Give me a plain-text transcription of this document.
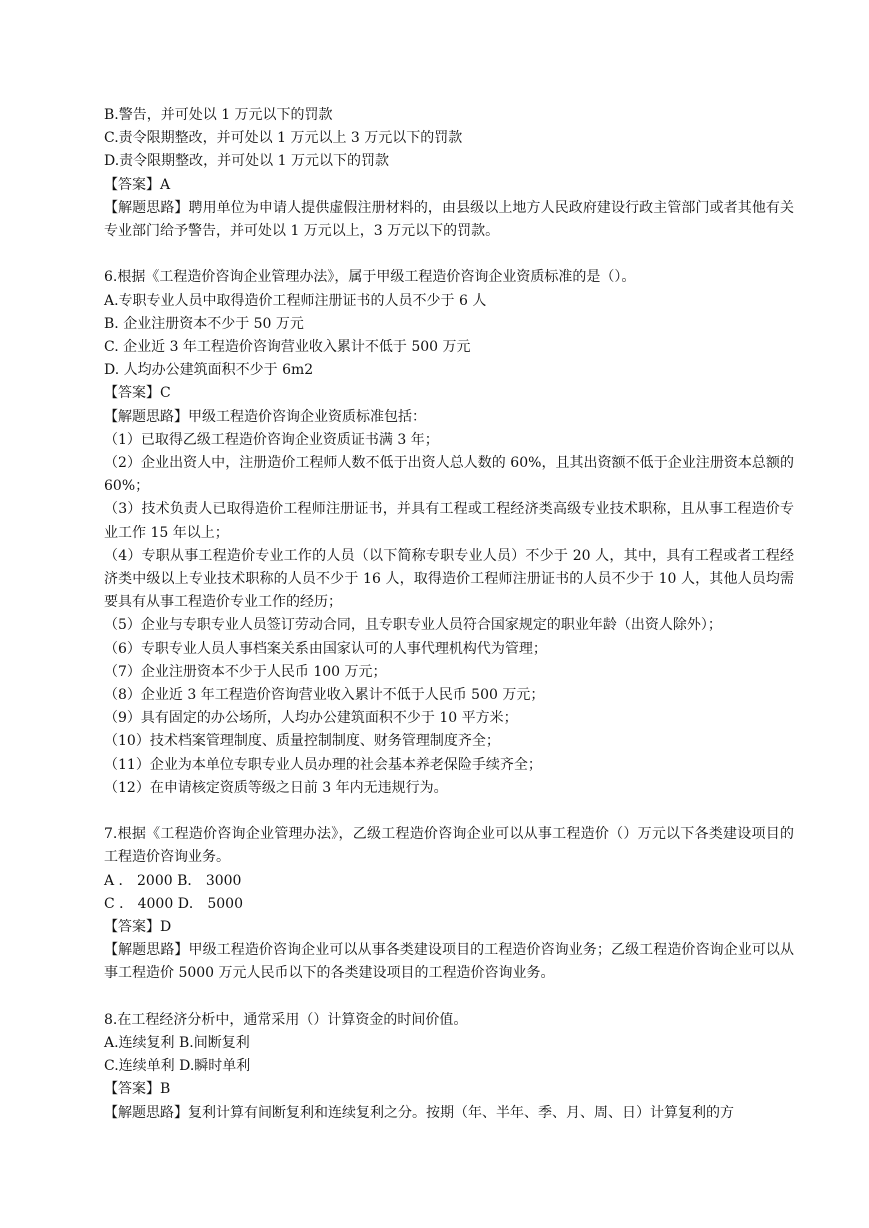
B.警告，并可处以 1 万元以下的罚款

C.责令限期整改，并可处以 1 万元以上 3 万元以下的罚款

D.责令限期整改，并可处以 1 万元以下的罚款

【答案】A

【解题思路】聘用单位为申请人提供虚假注册材料的，由县级以上地方人民政府建设行政主管部门或者其他有关专业部门给予警告，并可处以 1 万元以上，3 万元以下的罚款。

6.根据《工程造价咨询企业管理办法》，属于甲级工程造价咨询企业资质标准的是（）。

A.专职专业人员中取得造价工程师注册证书的人员不少于 6 人

B. 企业注册资本不少于 50 万元

C. 企业近 3 年工程造价咨询营业收入累计不低于 500 万元

D. 人均办公建筑面积不少于 6m2

【答案】C

【解题思路】甲级工程造价咨询企业资质标准包括：

（1）已取得乙级工程造价咨询企业资质证书满 3 年；

（2）企业出资人中，注册造价工程师人数不低于出资人总人数的 60%，且其出资额不低于企业注册资本总额的 60%；

（3）技术负责人已取得造价工程师注册证书，并具有工程或工程经济类高级专业技术职称，且从事工程造价专业工作 15 年以上；

（4）专职从事工程造价专业工作的人员（以下简称专职专业人员）不少于 20 人，其中，具有工程或者工程经济类中级以上专业技术职称的人员不少于 16 人，取得造价工程师注册证书的人员不少于 10 人，其他人员均需要具有从事工程造价专业工作的经历；

（5）企业与专职专业人员签订劳动合同，且专职专业人员符合国家规定的职业年龄（出资人除外）；

（6）专职专业人员人事档案关系由国家认可的人事代理机构代为管理；

（7）企业注册资本不少于人民币 100 万元；

（8）企业近 3 年工程造价咨询营业收入累计不低于人民币 500 万元；

（9）具有固定的办公场所，人均办公建筑面积不少于 10 平方米；

（10）技术档案管理制度、质量控制制度、财务管理制度齐全；

（11）企业为本单位专职专业人员办理的社会基本养老保险手续齐全；

（12）在申请核定资质等级之日前 3 年内无违规行为。

7.根据《工程造价咨询企业管理办法》，乙级工程造价咨询企业可以从事工程造价（）万元以下各类建设项目的工程造价咨询业务。

A ． 2000 B． 3000

C ． 4000 D． 5000

【答案】D

【解题思路】甲级工程造价咨询企业可以从事各类建设项目的工程造价咨询业务；乙级工程造价咨询企业可以从事工程造价 5000 万元人民币以下的各类建设项目的工程造价咨询业务。

8.在工程经济分析中，通常采用（）计算资金的时间价值。

A.连续复利 B.间断复利

C.连续单利 D.瞬时单利

【答案】B

【解题思路】复利计算有间断复利和连续复利之分。按期（年、半年、季、月、周、日）计算复利的方
